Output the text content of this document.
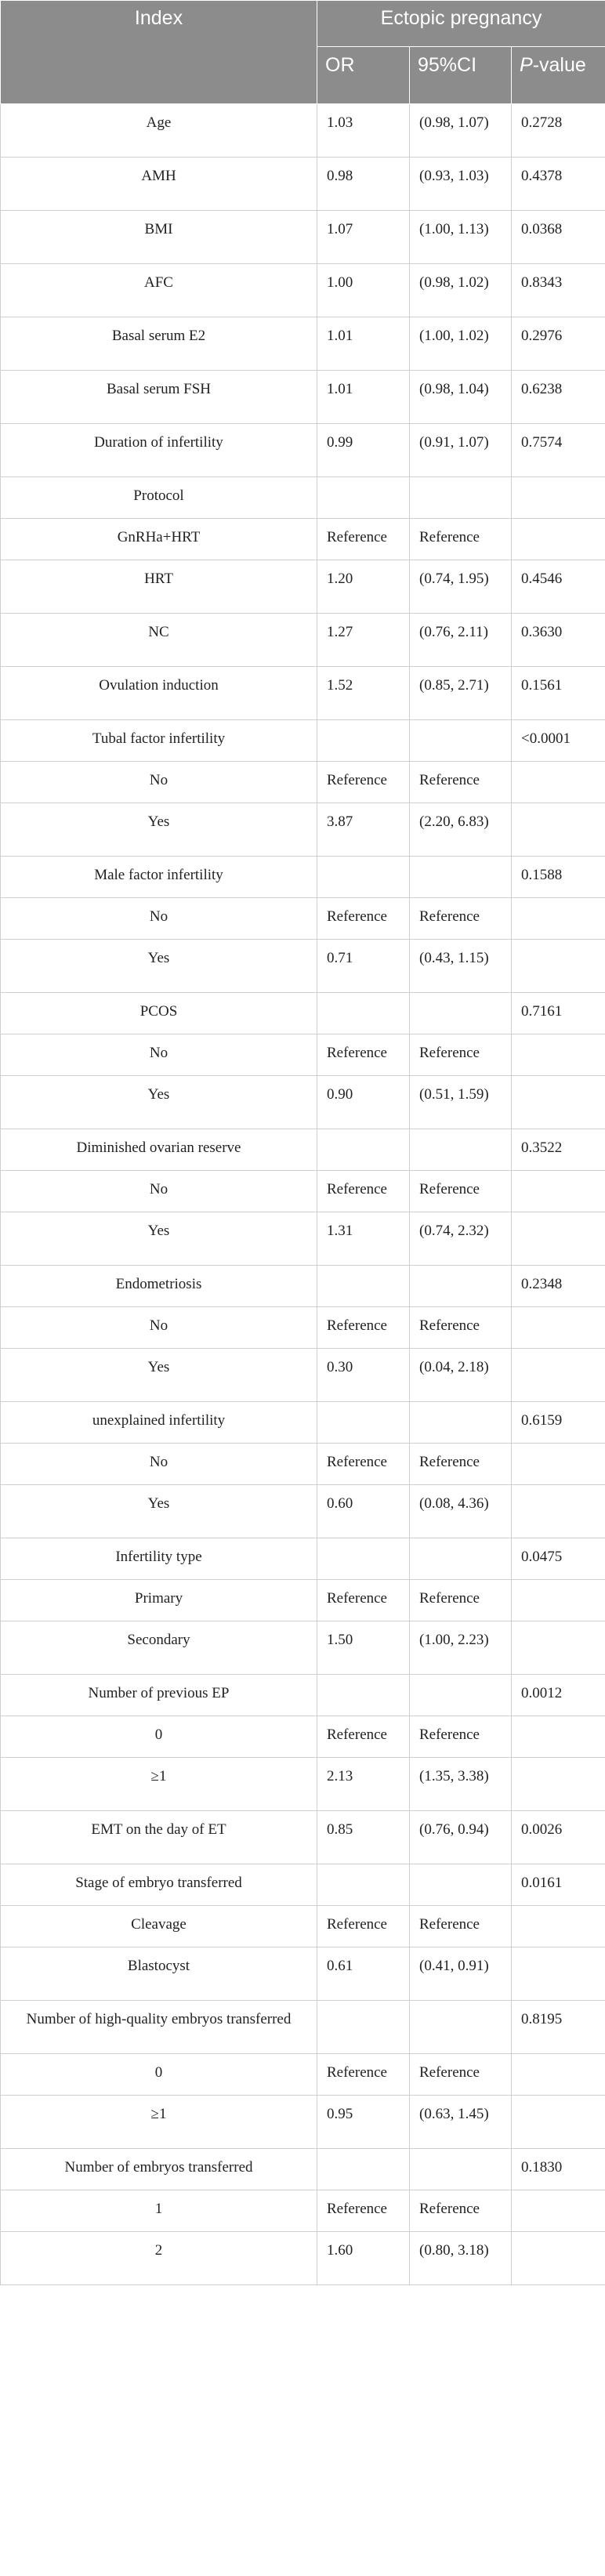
Index	Ectopic pregnancy		
	OR	95%CI	P-value
Age	1.03	(0.98, 1.07)	0.2728
AMH	0.98	(0.93, 1.03)	0.4378
BMI	1.07	(1.00, 1.13)	0.0368
AFC	1.00	(0.98, 1.02)	0.8343
Basal serum E2	1.01	(1.00, 1.02)	0.2976
Basal serum FSH	1.01	(0.98, 1.04)	0.6238
Duration of infertility	0.99	(0.91, 1.07)	0.7574
Protocol			
GnRHa+HRT	Reference	Reference	
HRT	1.20	(0.74, 1.95)	0.4546
NC	1.27	(0.76, 2.11)	0.3630
Ovulation induction	1.52	(0.85, 2.71)	0.1561
Tubal factor infertility			<0.0001
No	Reference	Reference	
Yes	3.87	(2.20, 6.83)	
Male factor infertility			0.1588
No	Reference	Reference	
Yes	0.71	(0.43, 1.15)	
PCOS			0.7161
No	Reference	Reference	
Yes	0.90	(0.51, 1.59)	
Diminished ovarian reserve			0.3522
No	Reference	Reference	
Yes	1.31	(0.74, 2.32)	
Endometriosis			0.2348
No	Reference	Reference	
Yes	0.30	(0.04, 2.18)	
unexplained infertility			0.6159
No	Reference	Reference	
Yes	0.60	(0.08, 4.36)	
Infertility type			0.0475
Primary	Reference	Reference	
Secondary	1.50	(1.00, 2.23)	
Number of previous EP			0.0012
0	Reference	Reference	
≥1	2.13	(1.35, 3.38)	
EMT on the day of ET	0.85	(0.76, 0.94)	0.0026
Stage of embryo transferred			0.0161
Cleavage	Reference	Reference	
Blastocyst	0.61	(0.41, 0.91)	
Number of high-quality embryos transferred			0.8195
0	Reference	Reference	
≥1	0.95	(0.63, 1.45)	
Number of embryos transferred			0.1830
1	Reference	Reference	
2	1.60	(0.80, 3.18)	
